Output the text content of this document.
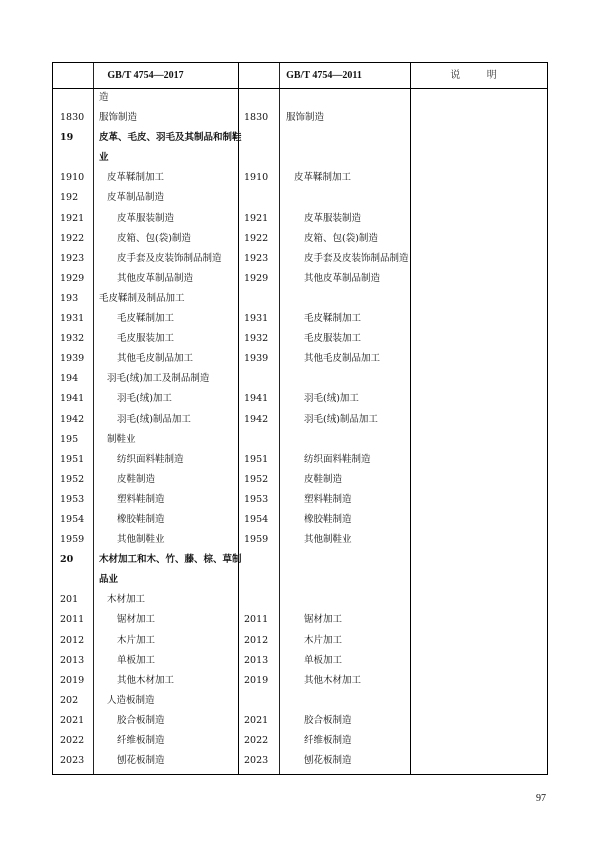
GB/T 4754—2017	GB/T 4754—2011	说 明
造
1830 服饰制造	1830 服饰制造
19	皮革、毛皮、羽毛及其制品和制鞋
业
1910	皮革鞣制加工	1910	皮革鞣制加工
192	皮革制品制造
1921	皮革服装制造	1921	皮革服装制造
1922	皮箱、包(袋)制造	1922	皮箱、包(袋)制造
1923	皮手套及皮装饰制品制造 1923	皮手套及皮装饰制品制造
1929	其他皮革制品制造	1929	其他皮革制品制造
193 毛皮鞣制及制品加工
1931	毛皮鞣制加工	1931	毛皮鞣制加工
1932	毛皮服装加工	1932	毛皮服装加工
1939	其他毛皮制品加工	1939	其他毛皮制品加工
194	羽毛(绒)加工及制品制造
1941	羽毛(绒)加工	1941	羽毛(绒)加工
1942	羽毛(绒)制品加工	1942	羽毛(绒)制品加工
195	制鞋业
1951	纺织面料鞋制造	1951	纺织面料鞋制造
1952	皮鞋制造	1952	皮鞋制造
1953	塑料鞋制造	1953	塑料鞋制造
1954	橡胶鞋制造	1954	橡胶鞋制造
1959	其他制鞋业	1959	其他制鞋业
20	木材加工和木、竹、藤、棕、草制
品业
201	木材加工
2011	锯材加工	2011	锯材加工
2012	木片加工	2012	木片加工
2013	单板加工	2013	单板加工
2019	其他木材加工	2019	其他木材加工
202	人造板制造
2021	胶合板制造	2021	胶合板制造
2022	纤维板制造	2022	纤维板制造
2023	刨花板制造	2023	刨花板制造
97
